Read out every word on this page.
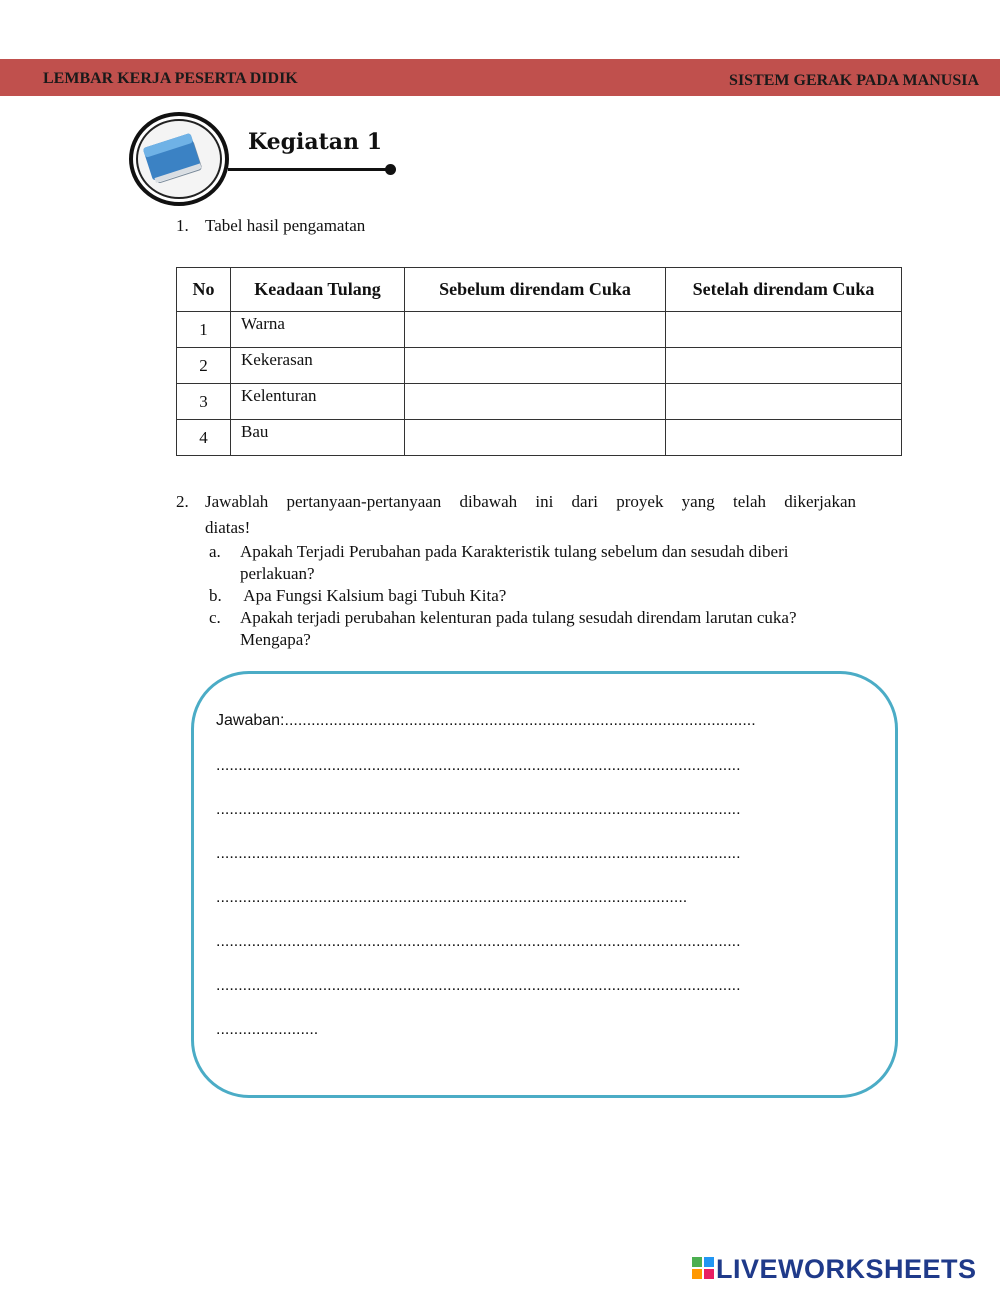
LEMBAR KERJA PESERTA DIDIK	SISTEM GERAK PADA MANUSIA
Kegiatan 1
1. Tabel hasil pengamatan
No	Keadaan Tulang	Sebelum direndam Cuka	Setelah direndam Cuka
1	Warna		
2	Kekerasan		
3	Kelenturan		
4	Bau		
2. Jawablah pertanyaan-pertanyaan dibawah ini dari proyek yang telah dikerjakan
diatas!
a. Apakah Terjadi Perubahan pada Karakteristik tulang sebelum dan sesudah diberi
perlakuan?
b. Apa Fungsi Kalsium bagi Tubuh Kita?
c. Apakah terjadi perubahan kelenturan pada tulang sesudah direndam larutan cuka?
Mengapa?
Jawaban:..........................................................................................................
......................................................................................................................
......................................................................................................................
......................................................................................................................
..........................................................................................................
......................................................................................................................
......................................................................................................................
.......................
LIVEWORKSHEETS
